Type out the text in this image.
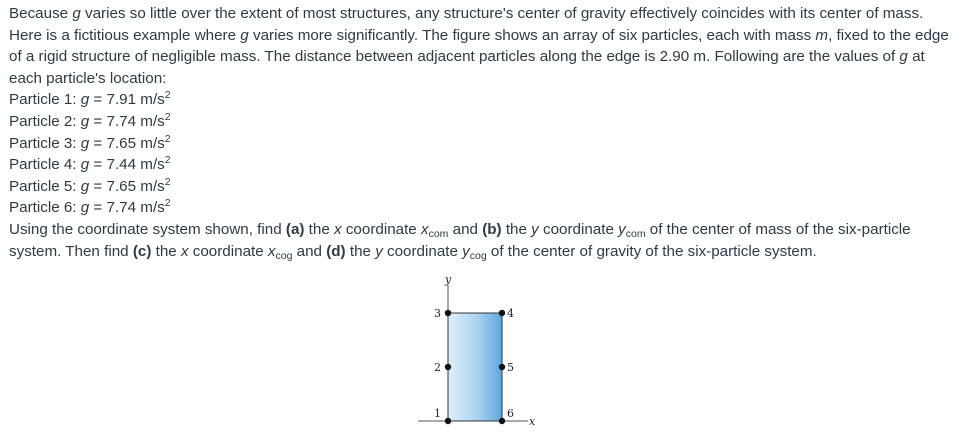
Because g varies so little over the extent of most structures, any structure's center of gravity effectively coincides with its center of mass. Here is a fictitious example where g varies more significantly. The figure shows an array of six particles, each with mass m, fixed to the edge of a rigid structure of negligible mass. The distance between adjacent particles along the edge is 2.90 m. Following are the values of g at each particle's location:

Particle 1: g = 7.91 $m/s^2$

Particle 2: g = 7.74 $m/s^2$

Particle 3: g = 7.65 $m/s^2$

Particle 4: g = 7.44 $m/s^2$

Particle 5: g = 7.65 $m/s^2$

Particle 6: g = 7.74 $m/s^2$

Using the coordinate system shown, find (a) the x coordinate $x_{com}$ and (b) the y coordinate $y_{com}$ of the center of mass of the six-particle system. Then find (c) the x coordinate $x_{cog}$ and (d) the y coordinate $y_{cog}$ of the center of gravity of the six-particle system.

y
x
1
2
3	4
5
6
